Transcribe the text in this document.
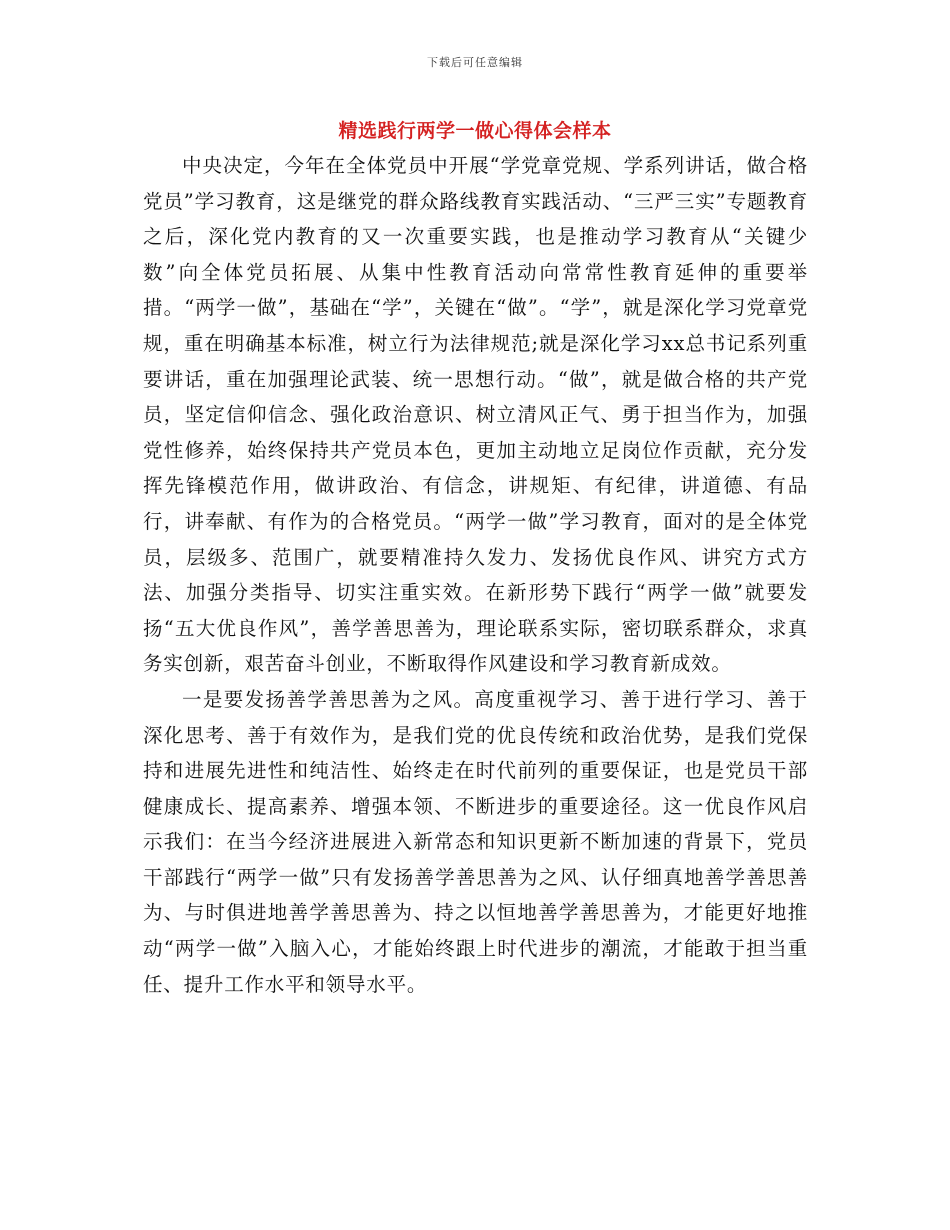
下载后可任意编辑
精选践行两学一做心得体会样本

中央决定，今年在全体党员中开展“学党章党规、学系列讲话，做合格党员”学习教育，这是继党的群众路线教育实践活动、“三严三实”专题教育之后，深化党内教育的又一次重要实践，也是推动学习教育从“关键少数”向全体党员拓展、从集中性教育活动向常常性教育延伸的重要举措。“两学一做”，基础在“学”，关键在“做”。“学”，就是深化学习党章党规，重在明确基本标准，树立行为法律规范;就是深化学习xx总书记系列重要讲话，重在加强理论武装、统一思想行动。“做”，就是做合格的共产党员，坚定信仰信念、强化政治意识、树立清风正气、勇于担当作为，加强党性修养，始终保持共产党员本色，更加主动地立足岗位作贡献，充分发挥先锋模范作用，做讲政治、有信念，讲规矩、有纪律，讲道德、有品行，讲奉献、有作为的合格党员。“两学一做”学习教育，面对的是全体党员，层级多、范围广，就要精准持久发力、发扬优良作风、讲究方式方法、加强分类指导、切实注重实效。在新形势下践行“两学一做”就要发扬“五大优良作风”，善学善思善为，理论联系实际，密切联系群众，求真务实创新，艰苦奋斗创业，不断取得作风建设和学习教育新成效。

一是要发扬善学善思善为之风。高度重视学习、善于进行学习、善于深化思考、善于有效作为，是我们党的优良传统和政治优势，是我们党保持和进展先进性和纯洁性、始终走在时代前列的重要保证，也是党员干部健康成长、提高素养、增强本领、不断进步的重要途径。这一优良作风启示我们：在当今经济进展进入新常态和知识更新不断加速的背景下，党员干部践行“两学一做”只有发扬善学善思善为之风、认仔细真地善学善思善为、与时俱进地善学善思善为、持之以恒地善学善思善为，才能更好地推动“两学一做”入脑入心，才能始终跟上时代进步的潮流，才能敢于担当重任、提升工作水平和领导水平。
